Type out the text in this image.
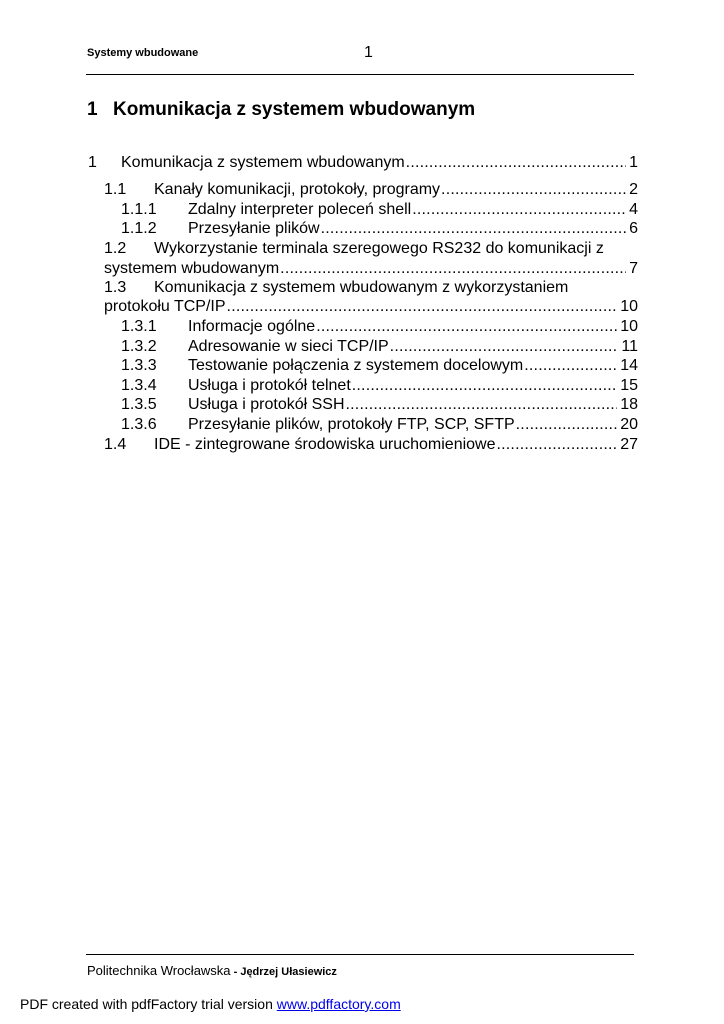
Systemy wbudowane	1
1 Komunikacja z systemem wbudowanym
1 Komunikacja z systemem wbudowanym .....	1
1.1 Kanały komunikacji, protokoły, programy .....	2
1.1.1 Zdalny interpreter poleceń shell .....	4
1.1.2 Przesyłanie plików .....	6
1.2 Wykorzystanie terminala szeregowego RS232 do komunikacji z
systemem wbudowanym .....	7
1.3 Komunikacja z systemem wbudowanym z wykorzystaniem
protokołu TCP/IP .....	10
1.3.1 Informacje ogólne .....	10
1.3.2 Adresowanie w sieci TCP/IP .....	11
1.3.3 Testowanie połączenia z systemem docelowym .....	14
1.3.4 Usługa i protokół telnet .....	15
1.3.5 Usługa i protokół SSH .....	18
1.3.6 Przesyłanie plików, protokoły FTP, SCP, SFTP .....	20
1.4 IDE - zintegrowane środowiska uruchomieniowe .....	27
Politechnika Wrocławska - Jędrzej Ułasiewicz
PDF created with pdfFactory trial version www.pdffactory.com
